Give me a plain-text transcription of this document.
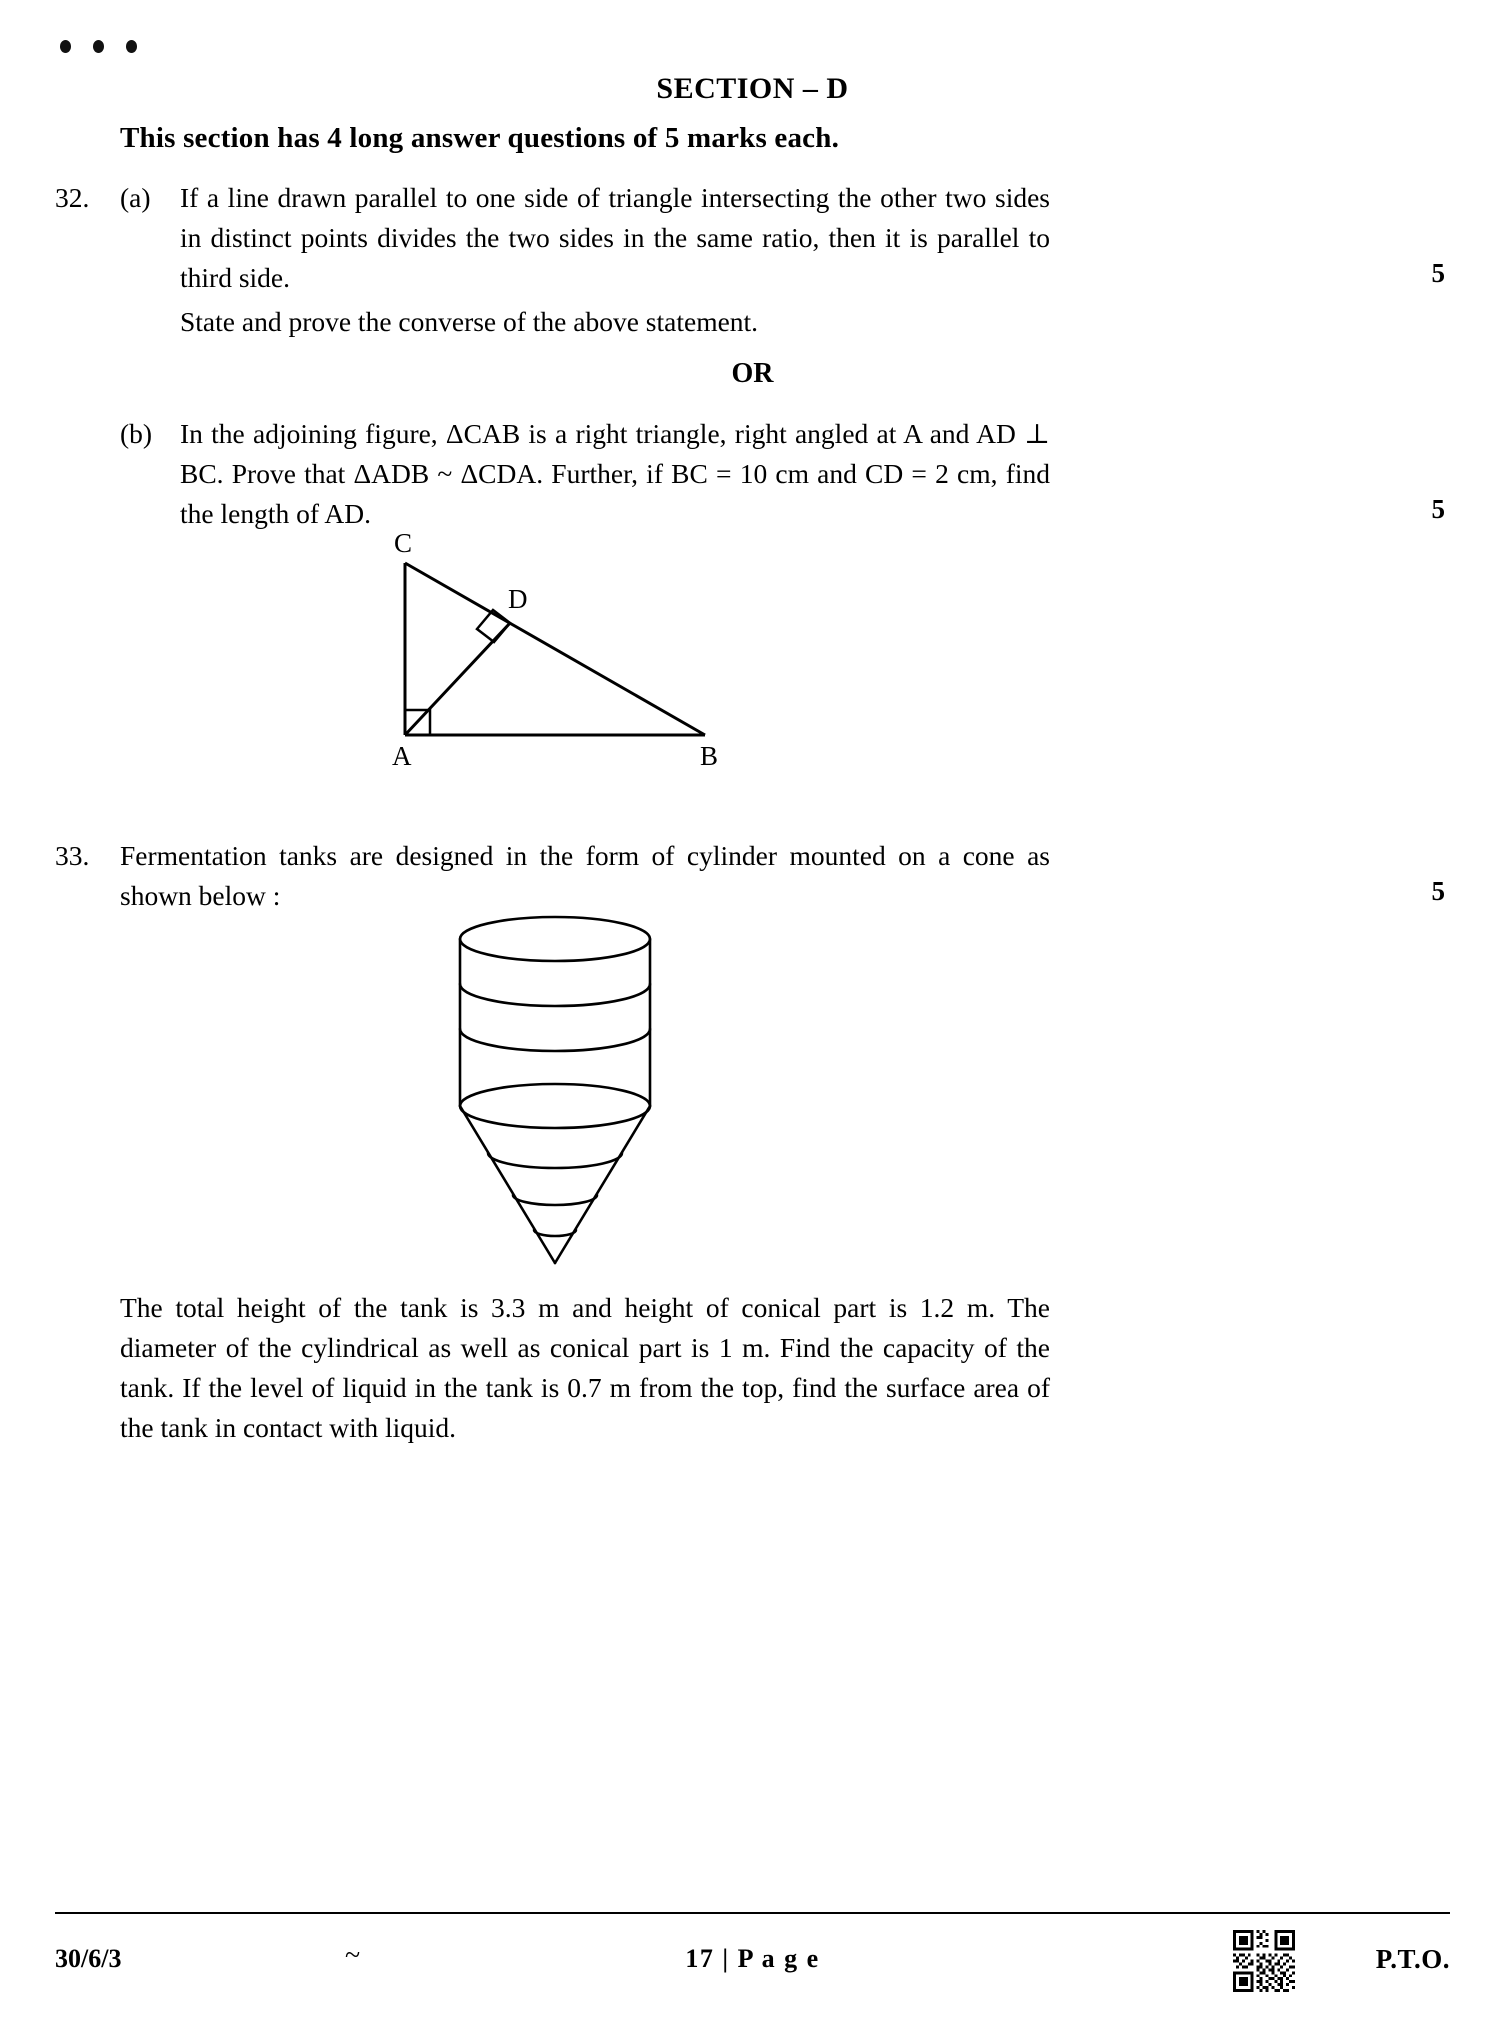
SECTION – D
This section has 4 long answer questions of 5 marks each.
32. (a) If a line drawn parallel to one side of triangle intersecting the other two sides in distinct points divides the two sides in the same ratio, then it is parallel to third side.	5
State and prove the converse of the above statement.
OR
(b) In the adjoining figure, ΔCAB is a right triangle, right angled at A and AD ⊥ BC. Prove that ΔADB ~ ΔCDA. Further, if BC = 10 cm and CD = 2 cm, find the length of AD.	5
C
D
A	B
33. Fermentation tanks are designed in the form of cylinder mounted on a cone as shown below :	5
The total height of the tank is 3.3 m and height of conical part is 1.2 m. The diameter of the cylindrical as well as conical part is 1 m. Find the capacity of the tank. If the level of liquid in the tank is 0.7 m from the top, find the surface area of the tank in contact with liquid.
30/6/3	~	17 | P a g e	P.T.O.
